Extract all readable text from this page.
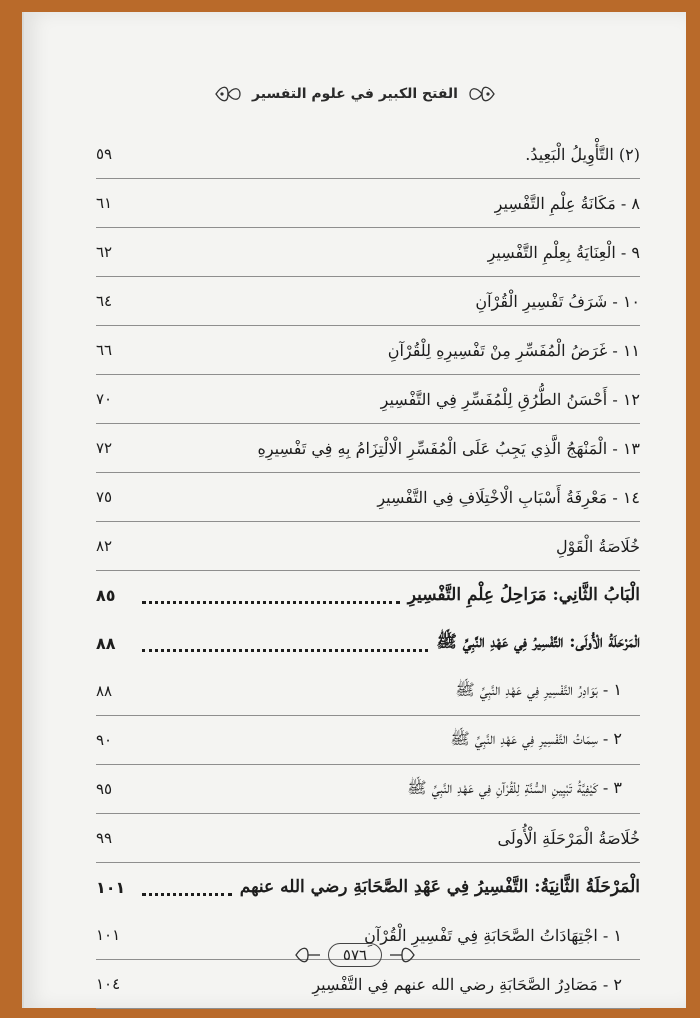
الفتح الكبير في علوم التفسير
(٢) التَّأْوِيلُ الْبَعِيدُ.
٥٩
٨ - مَكَانَةُ عِلْمِ التَّفْسِيرِ
٦١
٩ - الْعِنَايَةُ بِعِلْمِ التَّفْسِيرِ
٦٢
١٠ - شَرَفُ تَفْسِيرِ الْقُرْآنِ
٦٤
١١ - غَرَضُ الْمُفَسِّرِ مِنْ تَفْسِيرِهِ لِلْقُرْآنِ
٦٦
١٢ - أَحْسَنُ الطُّرُقِ لِلْمُفَسِّرِ فِي التَّفْسِيرِ
٧٠
١٣ - الْمَنْهَجُ الَّذِي يَجِبُ عَلَى الْمُفَسِّرِ الْالْتِزَامُ بِهِ فِي تَفْسِيرِهِ
٧٢
١٤ - مَعْرِفَةُ أَسْبَابِ الْاخْتِلَافِ فِي التَّفْسِيرِ
٧٥
خُلَاصَةُ الْقَوْلِ
٨٢
الْبَابُ الثَّانِي: مَرَاحِلُ عِلْمِ التَّفْسِيرِ
٨٥
الْمَرْحَلَةُ الْأُولَى: التَّفْسِيرُ فِي عَهْدِ النَّبِيِّ ﷺ
٨٨
١ - بَوَادِرُ التَّفْسِيرِ فِي عَهْدِ النَّبِيِّ ﷺ
٨٨
٢ - سِمَاتُ التَّفْسِيرِ فِي عَهْدِ النَّبِيِّ ﷺ
٩٠
٣ - كَيْفِيَّةُ تَبْيِينِ السُّنَّةِ لِلْقُرْآنِ فِي عَهْدِ النَّبِيِّ ﷺ
٩٥
خُلَاصَةُ الْمَرْحَلَةِ الْأُولَى
٩٩
الْمَرْحَلَةُ الثَّانِيَةُ: التَّفْسِيرُ فِي عَهْدِ الصَّحَابَةِ رضي الله عنهم
١٠١
١ - اجْتِهَادَاتُ الصَّحَابَةِ فِي تَفْسِيرِ الْقُرْآنِ
١٠١
٢ - مَصَادِرُ الصَّحَابَةِ رضي الله عنهم فِي التَّفْسِيرِ
١٠٤
٥٧٦
